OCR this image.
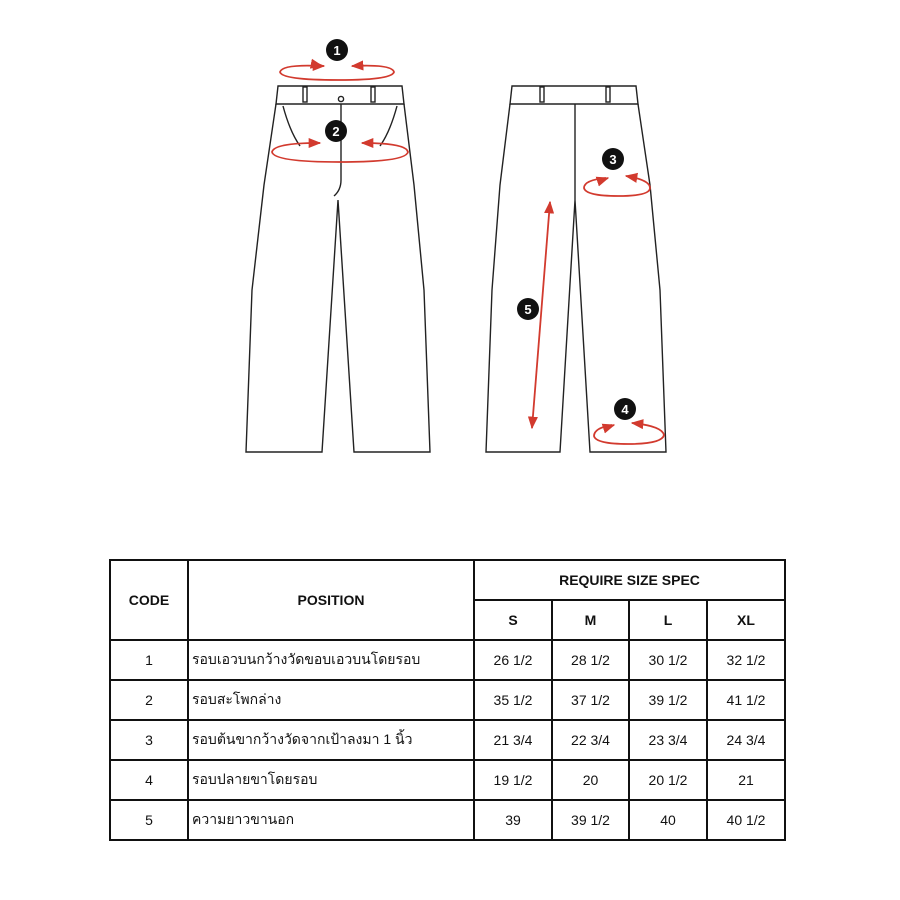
1
2
3
4
5
CODE	POSITION	REQUIRE SIZE SPEC			
		S	M	L	XL
1	รอบเอวบนกว้างวัดขอบเอวบนโดยรอบ	26 1/2	28 1/2	30 1/2	32 1/2
2	รอบสะโพกล่าง	35 1/2	37 1/2	39 1/2	41 1/2
3	รอบต้นขากว้างวัดจากเป้าลงมา 1 นิ้ว	21 3/4	22 3/4	23 3/4	24 3/4
4	รอบปลายขาโดยรอบ	19 1/2	20	20 1/2	21
5	ความยาวขานอก	39	39 1/2	40	40 1/2
